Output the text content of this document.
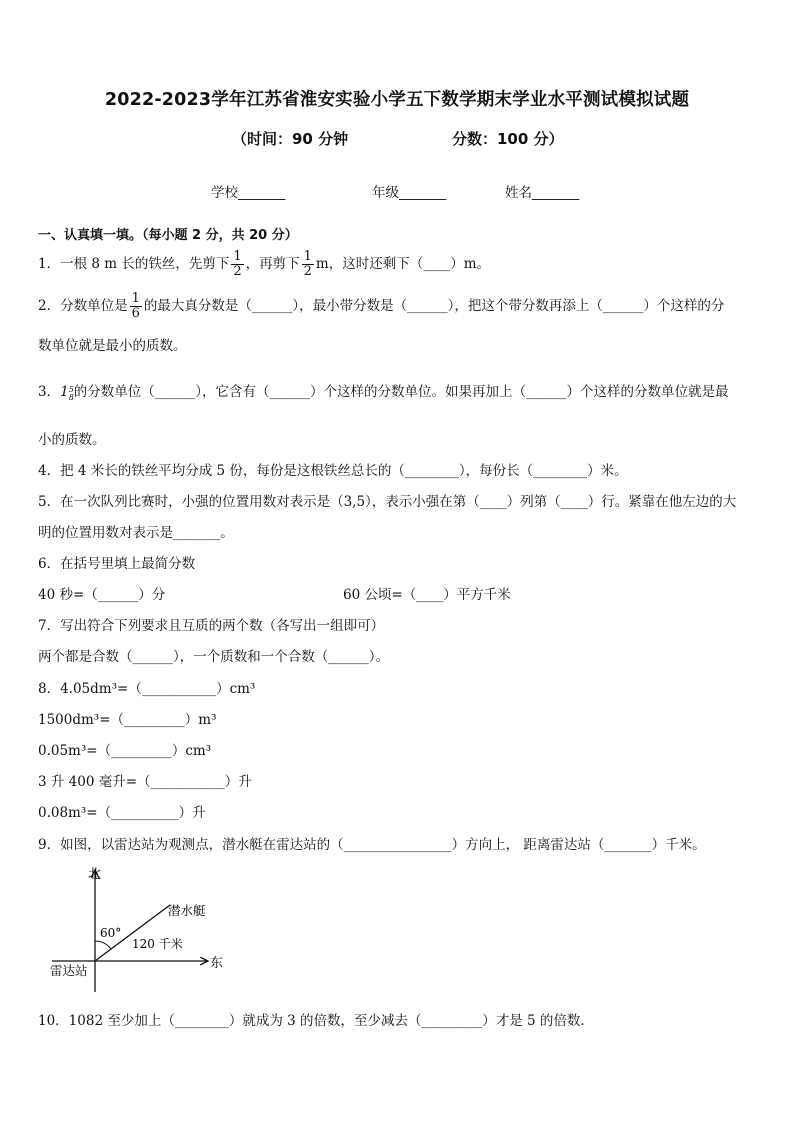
2022-2023学年江苏省淮安实验小学五下数学期末学业水平测试模拟试题
（时间：90 分钟	分数：100 分）
学校_______	年级_______	姓名_______
一、认真填一填。（每小题 2 分，共 20 分）
1．一根 8 m 长的铁丝，先剪下 $\frac{1}{2}$ ，再剪下 $\frac{1}{2}$ m，这时还剩下（____）m。
2．分数单位是 $\frac{1}{6}$ 的最大真分数是（______），最小带分数是（______），把这个带分数再添上（______）个这样的分
数单位就是最小的质数。
3．1 5
8 的分数单位（______），它含有（______）个这样的分数单位。如果再加上（______）个这样的分数单位就是最
小的质数。
4．把 4 米长的铁丝平均分成 5 份，每份是这根铁丝总长的（________），每份长（________）米。
5．在一次队列比赛时，小强的位置用数对表示是（3,5），表示小强在第（____）列第（____）行。紧靠在他左边的大
明的位置用数对表示是_______。
6．在括号里填上最简分数
40 秒=（______）分	60 公顷=（____）平方千米
7．写出符合下列要求且互质的两个数（各写出一组即可）
两个都是合数（______），一个质数和一个合数（______）。
8．4.05dm³=（___________）cm³
1500dm³=（_________）m³
0.05m³=（_________）cm³
3 升 400 毫升=（___________）升
0.08m³=（__________）升
9．如图，以雷达站为观测点，潜水艇在雷达站的（________________）方向上， 距离雷达站（_______）千米。
北
东
雷达站
潜水艇
60°
120 千米
10．1082 至少加上（________）就成为 3 的倍数，至少减去（_________）才是 5 的倍数.
